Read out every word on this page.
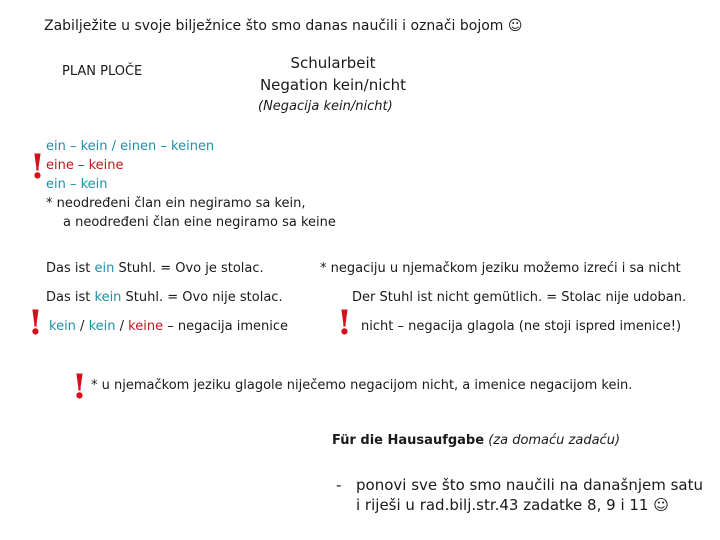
Zabilježite u svoje bilježnice što smo danas naučili i označi bojom ☺
PLAN PLOČE	Schularbeit
Negation kein/nicht
(Negacija kein/nicht)
!
ein – kein / einen – keinen
eine – keine
ein – kein
* neodređeni član ein negiramo sa kein,
a neodređeni član eine negiramo sa keine
Das ist ein Stuhl. = Ovo je stolac.
Das ist kein Stuhl. = Ovo nije stolac.
! kein / kein / keine – negacija imenice
* negaciju u njemačkom jeziku možemo izreći i sa nicht
Der Stuhl ist nicht gemütlich. = Stolac nije udoban.
! nicht – negacija glagola (ne stoji ispred imenice!)
! * u njemačkom jeziku glagole niječemo negacijom nicht, a imenice negacijom kein.
Für die Hausaufgabe (za domaću zadaću)
- ponovi sve što smo naučili na današnjem satu
i riješi u rad.bilj.str.43 zadatke 8, 9 i 11 ☺
